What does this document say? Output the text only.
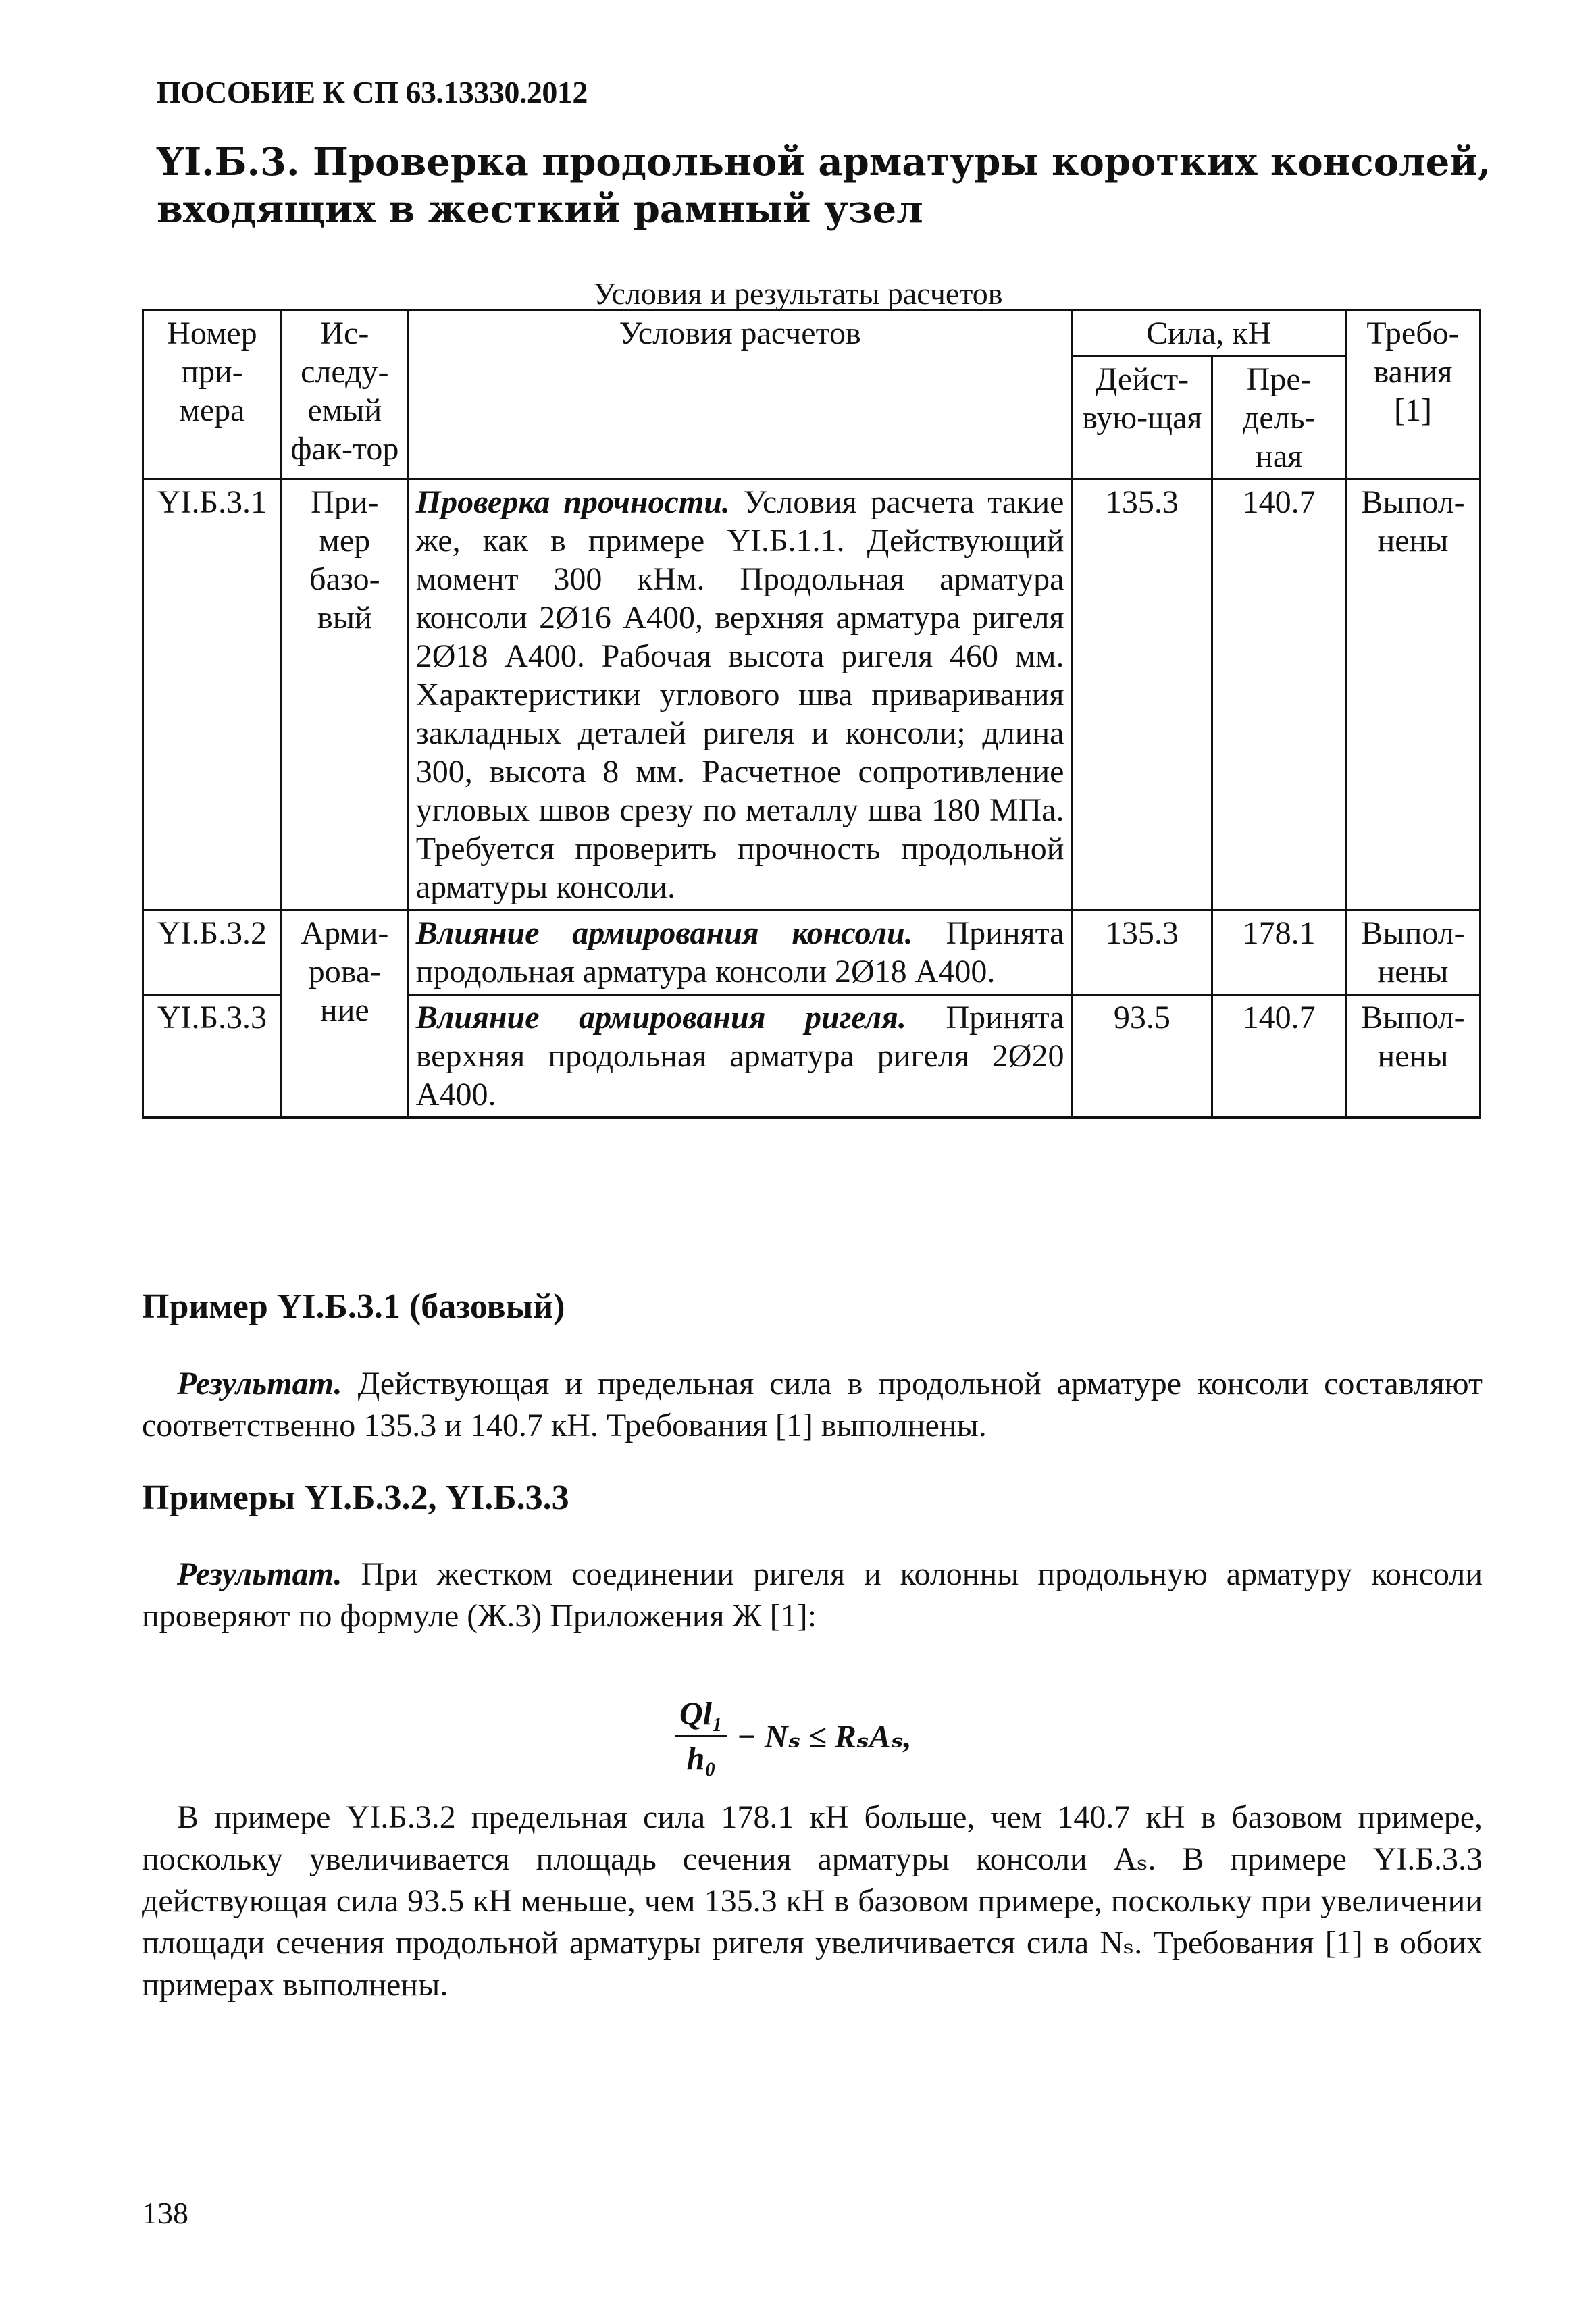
ПОСОБИЕ К СП 63.13330.2012
YI.Б.3. Проверка продольной арматуры коротких консолей, входящих в жесткий рамный узел
Условия и результаты расчетов
Номер при-мера	Ис-следу-емый фак-тор	Условия расчетов	Сила, кН		Требо-вания [1]
			Дейст-вую-щая	Пре-дель-ная	
YI.Б.3.1	При-мер базо-вый	Проверка прочности. Условия расчета такие же, как в примере YI.Б.1.1. Действующий момент 300 кНм. Продольная арматура консоли 2Ø16 А400, верхняя арматура ригеля 2Ø18 А400. Рабочая высота ригеля 460 мм. Характеристики углового шва приваривания закладных деталей ригеля и консоли; длина 300, высота 8 мм. Расчетное сопротивление угловых швов срезу по металлу шва 180 МПа. Требуется проверить прочность продольной арматуры консоли.	135.3	140.7	Выпол-нены
YI.Б.3.2	Арми-рова-ние	Влияние армирования консоли. Принята продольная арматура консоли 2Ø18 А400.	135.3	178.1	Выпол-нены
YI.Б.3.3		Влияние армирования ригеля. Принята верхняя продольная арматура ригеля 2Ø20 А400.	93.5	140.7	Выпол-нены
Пример YI.Б.3.1 (базовый)
Результат. Действующая и предельная сила в продольной арматуре консоли составляют соответственно 135.3 и 140.7 кН. Требования [1] выполнены.
Примеры YI.Б.3.2, YI.Б.3.3
Результат. При жестком соединении ригеля и колонны продольную арматуру консоли проверяют по формуле (Ж.3) Приложения Ж [1]:
$\frac{\text{Ql₁}}{\text{h₀}} - N_s \le R_sA_s$,
В примере YI.Б.3.2 предельная сила 178.1 кН больше, чем 140.7 кН в базовом примере, поскольку увеличивается площадь сечения арматуры консоли Aₛ. В примере YI.Б.3.3 действующая сила 93.5 кН меньше, чем 135.3 кН в базовом примере, поскольку при увеличении площади сечения продольной арматуры ригеля увеличивается сила Nₛ. Требования [1] в обоих примерах выполнены.
138
